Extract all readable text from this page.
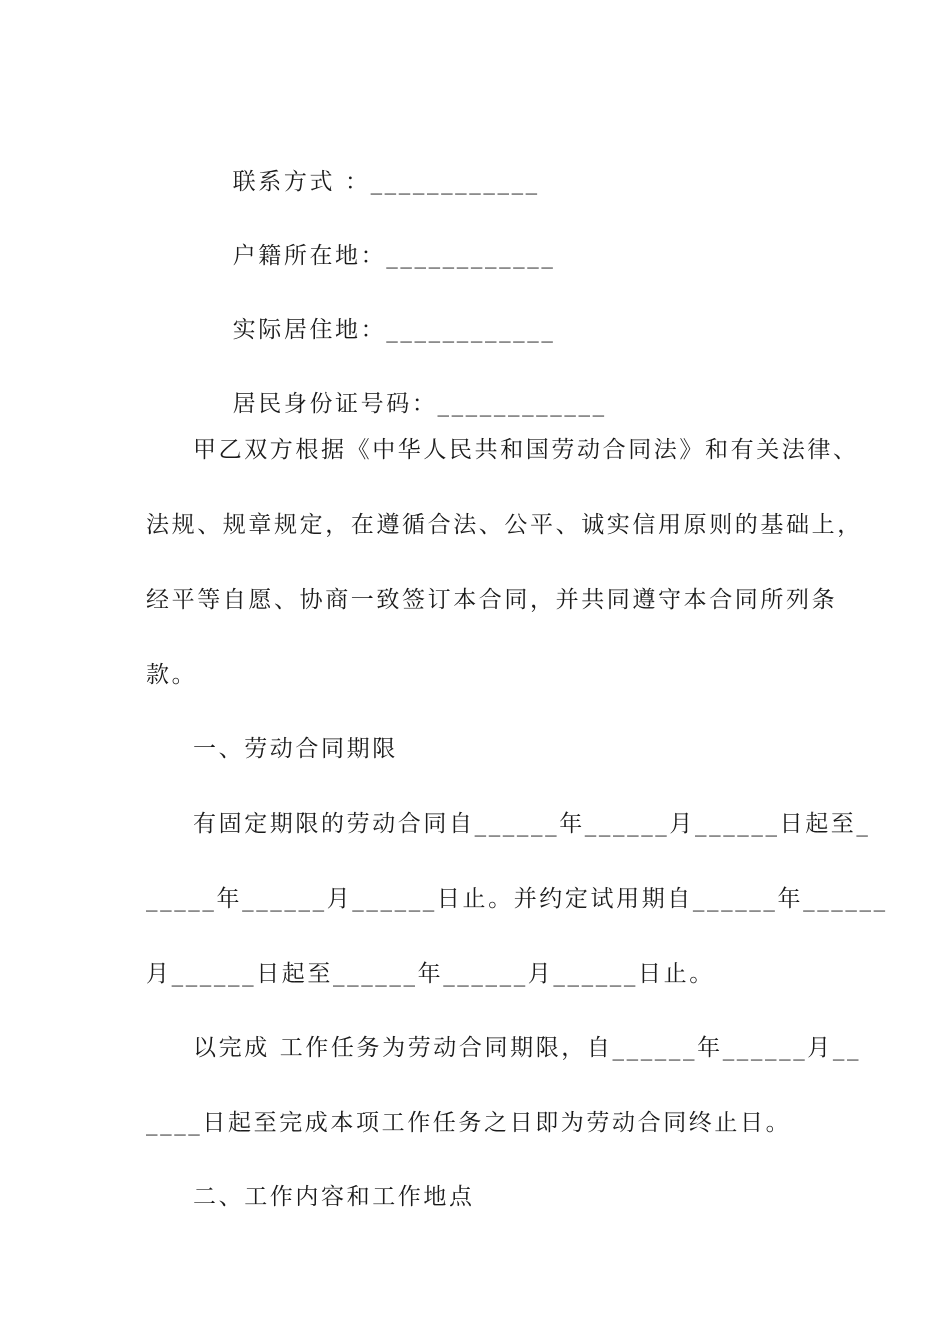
联系方式 ：____________

户籍所在地：____________

实际居住地：____________

居民身份证号码：____________

甲乙双方根据《中华人民共和国劳动合同法》和有关法律、
法规、规章规定，在遵循合法、公平、诚实信用原则的基础上，
经平等自愿、协商一致签订本合同，并共同遵守本合同所列条
款。
一、劳动合同期限
有固定期限的劳动合同自______年______月______日起至_
_____年______月______日止。并约定试用期自______年______
月______日起至______年______月______日止。
以完成 工作任务为劳动合同期限，自______年______月__
____日起至完成本项工作任务之日即为劳动合同终止日。
二、工作内容和工作地点
